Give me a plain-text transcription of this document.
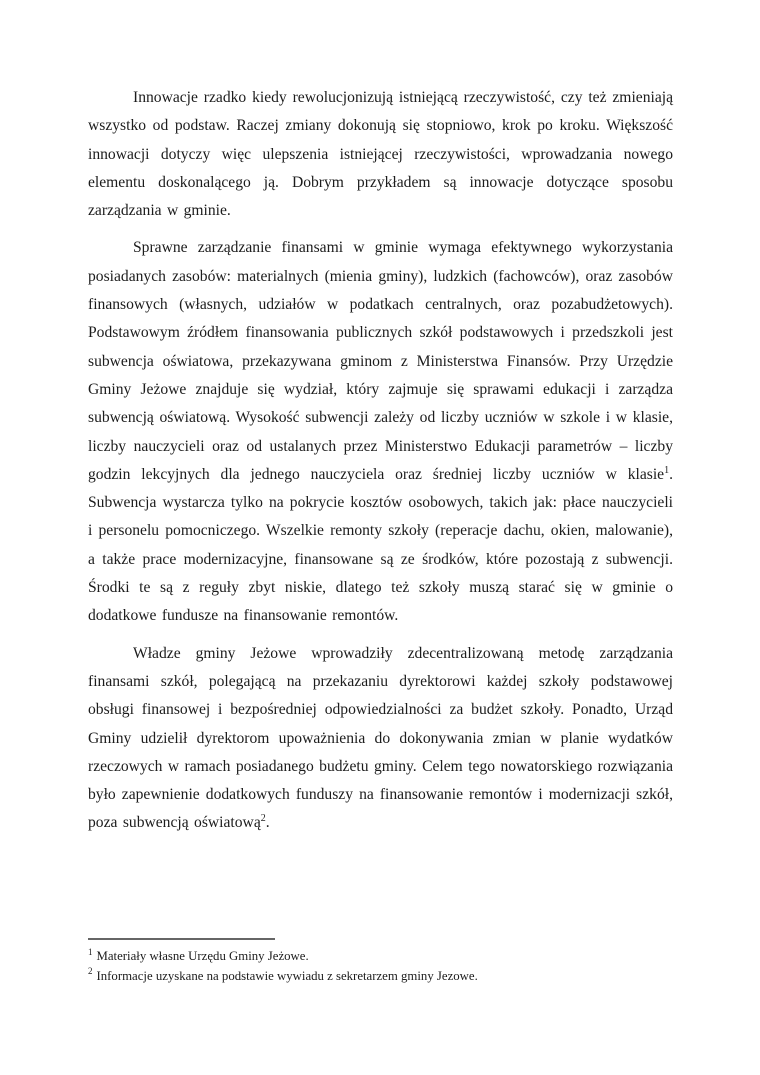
Innowacje rzadko kiedy rewolucjonizują istniejącą rzeczywistość, czy też zmieniają wszystko od podstaw. Raczej zmiany dokonują się stopniowo, krok po kroku. Większość innowacji dotyczy więc ulepszenia istniejącej rzeczywistości, wprowadzania nowego elementu doskonalącego ją. Dobrym przykładem są innowacje dotyczące sposobu zarządzania w gminie.

Sprawne zarządzanie finansami w gminie wymaga efektywnego wykorzystania posiadanych zasobów: materialnych (mienia gminy), ludzkich (fachowców), oraz zasobów finansowych (własnych, udziałów w podatkach centralnych, oraz pozabudżetowych). Podstawowym źródłem finansowania publicznych szkół podstawowych i przedszkoli jest subwencja oświatowa, przekazywana gminom z Ministerstwa Finansów. Przy Urzędzie Gminy Jeżowe znajduje się wydział, który zajmuje się sprawami edukacji i zarządza subwencją oświatową. Wysokość subwencji zależy od liczby uczniów w szkole i w klasie, liczby nauczycieli oraz od ustalanych przez Ministerstwo Edukacji parametrów – liczby godzin lekcyjnych dla jednego nauczyciela oraz średniej liczby uczniów w klasie$^1$. Subwencja wystarcza tylko na pokrycie kosztów osobowych, takich jak: płace nauczycieli i personelu pomocniczego. Wszelkie remonty szkoły (reperacje dachu, okien, malowanie), a także prace modernizacyjne, finansowane są ze środków, które pozostają z subwencji. Środki te są z reguły zbyt niskie, dlatego też szkoły muszą starać się w gminie o dodatkowe fundusze na finansowanie remontów.

Władze gminy Jeżowe wprowadziły zdecentralizowaną metodę zarządzania finansami szkół, polegającą na przekazaniu dyrektorowi każdej szkoły podstawowej obsługi finansowej i bezpośredniej odpowiedzialności za budżet szkoły. Ponadto, Urząd Gminy udzielił dyrektorom upoważnienia do dokonywania zmian w planie wydatków rzeczowych w ramach posiadanego budżetu gminy. Celem tego nowatorskiego rozwiązania było zapewnienie dodatkowych funduszy na finansowanie remontów i modernizacji szkół, poza subwencją oświatową$^2$.

$^1$ Materiały własne Urzędu Gminy Jeżowe.
$^2$ Informacje uzyskane na podstawie wywiadu z sekretarzem gminy Jezowe.
